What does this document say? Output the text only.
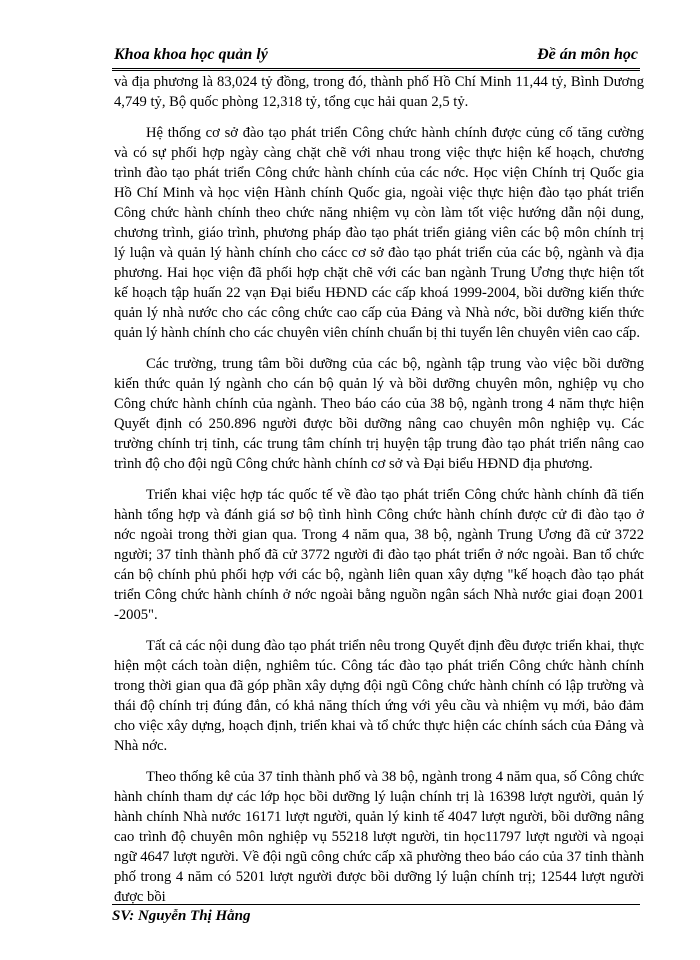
Khoa khoa học quản lý	Đề án môn học

và địa phương là 83,024 tỷ đồng, trong đó, thành phố Hồ Chí Minh 11,44 tỷ, Bình Dương 4,749 tỷ, Bộ quốc phòng 12,318 tỷ, tổng cục hải quan 2,5 tỷ.

Hệ thống cơ sở đào tạo phát triển Công chức hành chính được củng cố tăng cường và có sự phối hợp ngày càng chặt chẽ với nhau trong việc thực hiện kế hoạch, chương trình đào tạo phát triển Công chức hành chính của các nớc. Học viện Chính trị Quốc gia Hồ Chí Minh và học viện Hành chính Quốc gia, ngoài việc thực hiện đào tạo phát triển Công chức hành chính theo chức năng nhiệm vụ còn làm tốt việc hướng dẫn nội dung, chương trình, giáo trình, phương pháp đào tạo phát triển giảng viên các bộ môn chính trị lý luận và quản lý hành chính cho cácc cơ sở đào tạo phát triển của các bộ, ngành và địa phương. Hai học viện đã phối hợp chặt chẽ với các ban ngành Trung Ương thực hiện tốt kế hoạch tập huấn 22 vạn Đại biểu HĐND các cấp khoá 1999-2004, bồi dưỡng kiến thức quản lý nhà nước cho các công chức cao cấp của Đảng và Nhà nớc, bồi dưỡng kiến thức quản lý hành chính cho các chuyên viên chính chuẩn bị thi tuyển lên chuyên viên cao cấp.

Các trường, trung tâm bồi dưỡng của các bộ, ngành tập trung vào việc bồi dưỡng kiến thức quản lý ngành cho cán bộ quản lý và bồi dưỡng chuyên môn, nghiệp vụ cho Công chức hành chính của ngành. Theo báo cáo của 38 bộ, ngành trong 4 năm thực hiện Quyết định có 250.896 người được bồi dưỡng nâng cao chuyên môn nghiệp vụ. Các trường chính trị tỉnh, các trung tâm chính trị huyện tập trung đào tạo phát triển nâng cao trình độ cho đội ngũ Công chức hành chính cơ sở và Đại biểu HĐND địa phương.

Triển khai việc hợp tác quốc tế về đào tạo phát triển Công chức hành chính đã tiến hành tổng hợp và đánh giá sơ bộ tình hình Công chức hành chính được cử đi đào tạo ở nớc ngoài trong thời gian qua. Trong 4 năm qua, 38 bộ, ngành Trung Ương đã cử 3722 người; 37 tỉnh thành phố đã cử 3772 người đi đào tạo phát triển ở nớc ngoài. Ban tổ chức cán bộ chính phủ phối hợp với các bộ, ngành liên quan xây dựng "kế hoạch đào tạo phát triển Công chức hành chính ở nớc ngoài bằng nguồn ngân sách Nhà nước giai đoạn 2001 -2005".

Tất cả các nội dung đào tạo phát triển nêu trong Quyết định đều được triển khai, thực hiện một cách toàn diện, nghiêm túc. Công tác đào tạo phát triển Công chức hành chính trong thời gian qua đã góp phần xây dựng đội ngũ Công chức hành chính có lập trường và thái độ chính trị đúng đắn, có khả năng thích ứng với yêu cầu và nhiệm vụ mới, bảo đảm cho việc xây dựng, hoạch định, triển khai và tổ chức thực hiện các chính sách của Đảng và Nhà nớc.

Theo thống kê của 37 tỉnh thành phố và 38 bộ, ngành trong 4 năm qua, số Công chức hành chính tham dự các lớp học bồi dưỡng lý luận chính trị là 16398 lượt người, quản lý hành chính Nhà nước 16171 lượt người, quản lý kinh tế 4047 lượt người, bồi dưỡng nâng cao trình độ chuyên môn nghiệp vụ 55218 lượt người, tin học11797 lượt người và ngoại ngữ 4647 lượt người. Về đội ngũ công chức cấp xã phường theo báo cáo của 37 tỉnh thành phố trong 4 năm có 5201 lượt người được bồi dưỡng lý luận chính trị; 12544 lượt người được bồi

SV: Nguyễn Thị Hằng
